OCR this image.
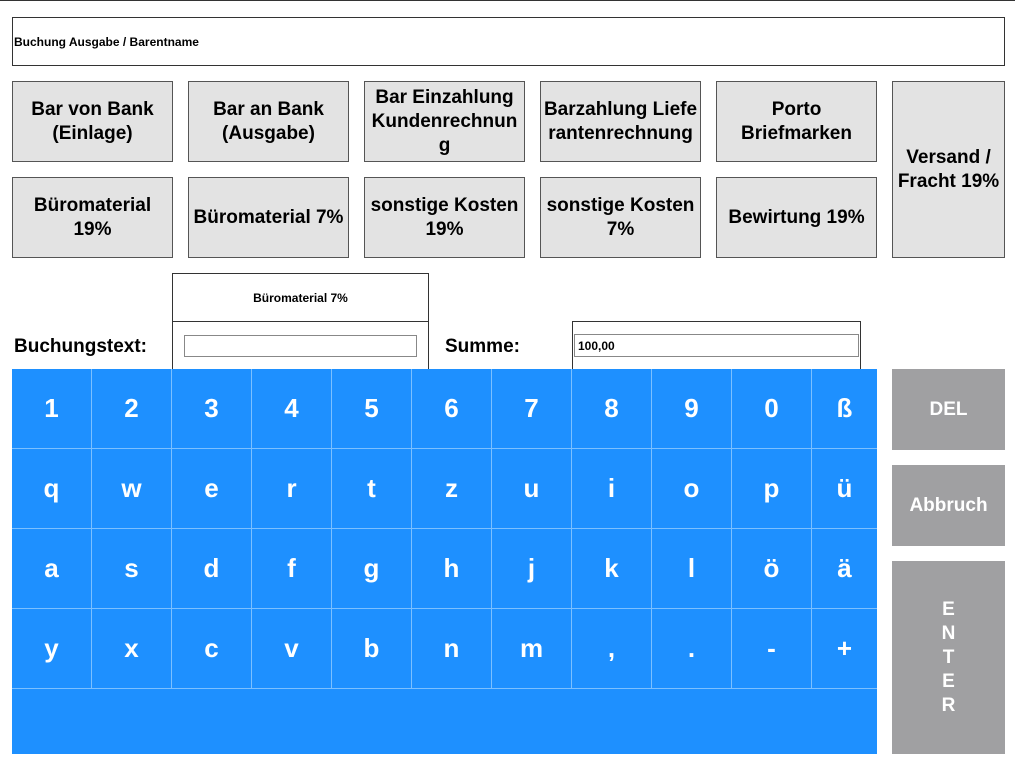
Buchung Ausgabe / Barentname
Bar von Bank
(Einlage)
Bar an Bank
(Ausgabe)
Bar Einzahlung Kundenrechnung
Barzahlung Lieferantenrechnung
Porto
Briefmarken
Versand /
Fracht 19%
Büromaterial
19%
Büromaterial 7%
sonstige Kosten
19%
sonstige Kosten
7%
Bewirtung 19%
Büromaterial 7%
Buchungstext:	Summe:
100,00
1	2	3	4	5	6	7	8	9	0	ß
q	w	e	r	t	z	u	i	o	p	ü
a	s	d	f	g	h	j	k	l	ö	ä
y	x	c	v	b	n	m	,	.	-	+
DEL
Abbruch
E
N
T
E
R
